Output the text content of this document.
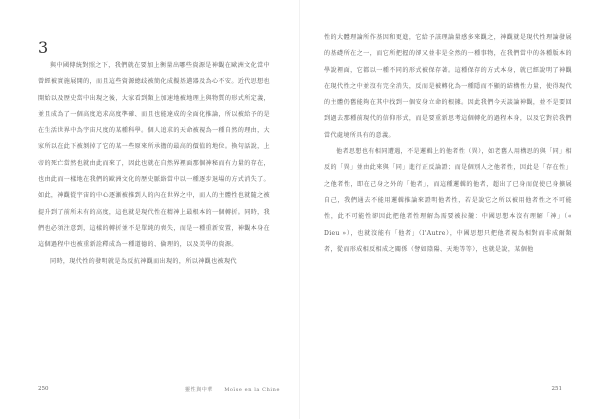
3

與中國傳統對照之下，我們就在要加上衡量出哪些資源是神觀在歐洲文化當中曾經被實施展開的，而且這些資源總歧被簡化成擬基邁器及為心不安。近代思想也開始以及歷史當中出現之後，大家看到類上加速地被地理上與物質的形式所定義，並且成為了一個高度追求高度準確、而且也能達成的全面化推論，所以被給予的是在生活世界中為宇宙尺度的某種科學。個人追求的天命被視為一種自然的理由，大家所以在此下被剝掉了它的某一些原來所承擔的最高的價值的地位。換句話說，上帝的死亡當然也就由此而來了，因此也就在自然界裡面那個神秘而有力量的存在，也由此而一樣地在我們的歐洲文化的歷史脈絡當中以一種逐步退場的方式消失了。如此，神觀從宇宙的中心逐漸被推到人的內在世界之中，而人的主體性也就隨之被提升到了前所未有的高度，這也就是現代性在精神上最根本的一個轉折。同時，我們也必須注意到，這樣的轉折並不是單純的喪失，而是一種重新安置，神觀本身在這個過程中也被重新詮釋成為一種道德的、倫理的，以及美學的資源。

同時，現代性的發明就是為反抗神觀而出現的，所以神觀也被現代

250	靈性與中華　　Moïse en la Chine

性的大體理論所作基因和更進，它給予該理論量感多來觀之，神觀就是現代性理論發展的基礎所在之一，而它所把握的卻又並非是全然的一種事物，在我們當中的各種版本的學說裡面，它都以一種不同的形式被保存著。這種保存的方式本身，就已經說明了神觀在現代性之中並沒有完全消失，反而是被轉化為一種隱而不顯的結構性力量，使得現代的主體仍舊能夠在其中找到一個安身立命的根據。因此我們今天談論神觀，並不是要回到過去那種前現代的信仰形式，而是要重新思考這個轉化的過程本身，以及它對於我們當代處境所具有的意義。

他者思想也有相同遭遇，不是邏輯上的他者性（異），如老舊人用構思的與「同」相反的「異」並由此來與「同」進行正反論證；而是個別人之他者性，因此是「存在性」之他者性，即在己身之外的「他者」，而這種邏輯的他者，超出了已身而促使已身擴展自己，我們通去不能用邏輯推論來證明他者性，若是說它之所以被用他者性之不可能性，此不可能性卻因此把他者性理解為需要被拉攏：中國思想本沒有理解「神」（« Dieu »），也就沒能有「他者」（l'Autre），中國思想只把他者視為相對而非成爾類者，從而形成相反相成之關係（譬如陰陽、天地等等），也就是說，某個他

251
